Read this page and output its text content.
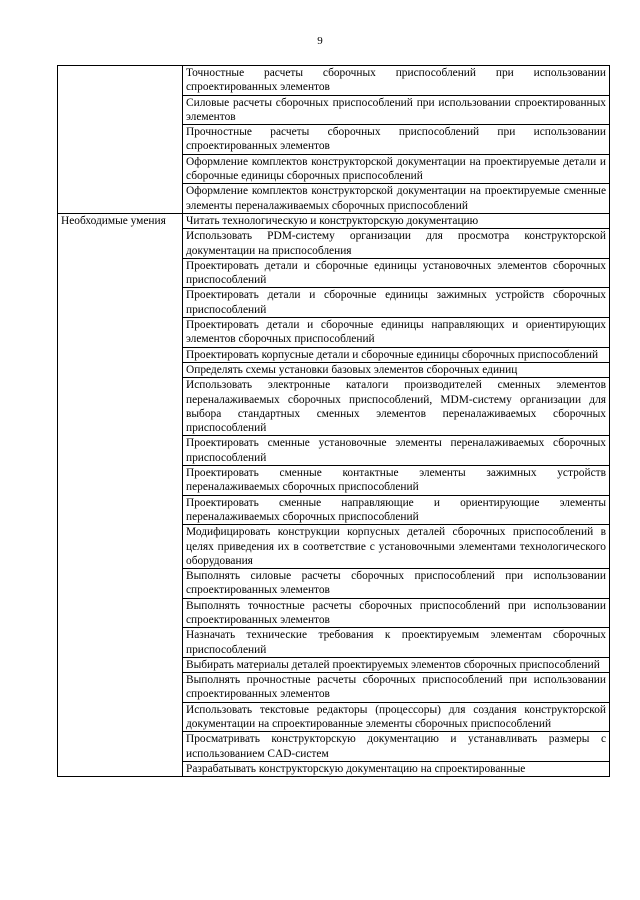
9
	Точностные расчеты сборочных приспособлений при использовании спроектированных элементов
	Силовые расчеты сборочных приспособлений при использовании спроектированных элементов
	Прочностные расчеты сборочных приспособлений при использовании спроектированных элементов
	Оформление комплектов конструкторской документации на проектируемые детали и сборочные единицы сборочных приспособлений
	Оформление комплектов конструкторской документации на проектируемые сменные элементы переналаживаемых сборочных приспособлений
Необходимые умения	Читать технологическую и конструкторскую документацию
	Использовать PDM-систему организации для просмотра конструкторской документации на приспособления
	Проектировать детали и сборочные единицы установочных элементов сборочных приспособлений
	Проектировать детали и сборочные единицы зажимных устройств сборочных приспособлений
	Проектировать детали и сборочные единицы направляющих и ориентирующих элементов сборочных приспособлений
	Проектировать корпусные детали и сборочные единицы сборочных приспособлений
	Определять схемы установки базовых элементов сборочных единиц
	Использовать электронные каталоги производителей сменных элементов переналаживаемых сборочных приспособлений, MDM-систему организации для выбора стандартных сменных элементов переналаживаемых сборочных приспособлений
	Проектировать сменные установочные элементы переналаживаемых сборочных приспособлений
	Проектировать сменные контактные элементы зажимных устройств переналаживаемых сборочных приспособлений
	Проектировать сменные направляющие и ориентирующие элементы переналаживаемых сборочных приспособлений
	Модифицировать конструкции корпусных деталей сборочных приспособлений в целях приведения их в соответствие с установочными элементами технологического оборудования
	Выполнять силовые расчеты сборочных приспособлений при использовании спроектированных элементов
	Выполнять точностные расчеты сборочных приспособлений при использовании спроектированных элементов
	Назначать технические требования к проектируемым элементам сборочных приспособлений
	Выбирать материалы деталей проектируемых элементов сборочных приспособлений
	Выполнять прочностные расчеты сборочных приспособлений при использовании спроектированных элементов
	Использовать текстовые редакторы (процессоры) для создания конструкторской документации на спроектированные элементы сборочных приспособлений
	Просматривать конструкторскую документацию и устанавливать размеры с использованием CAD-систем
	Разрабатывать конструкторскую документацию на спроектированные
